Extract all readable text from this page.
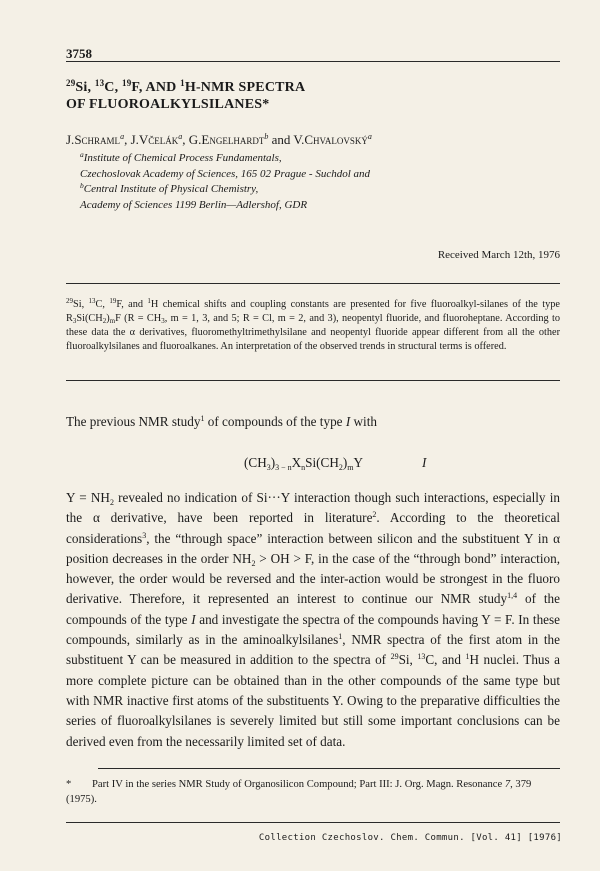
3758
$^{29}$Si, $^{13}$C, $^{19}$F, AND $^1$H-NMR SPECTRA
OF FLUOROALKYLSILANES*
J.Schraml$^a$, J.Včelák$^a$, G.Engelhardt$^b$ and V.Chvalovský$^a$
$^a$Institute of Chemical Process Fundamentals,
Czechoslovak Academy of Sciences, 165 02 Prague - Suchdol and
$^b$Central Institute of Physical Chemistry,
Academy of Sciences 1199 Berlin—Adlershof, GDR
Received March 12th, 1976
$^{29}$Si, $^{13}$C, $^{19}$F, and $^1$H chemical shifts and coupling constants are presented for five fluoroalkyl-silanes of the type $R_3Si(CH_2)_mF$ ($R = CH_3$, m = 1, 3, and 5; R = Cl, m = 2, and 3), neopentyl fluoride, and fluoroheptane. According to these data the α derivatives, fluoromethyltrimethylsilane and neopentyl fluoride appear different from all the other fluoroalkylsilanes and fluoroalkanes. An interpretation of the observed trends in structural terms is offered.
The previous NMR study$^1$ of compounds of the type I with
$(CH_3)_{3 - n}X_nSi(CH_2)_mY$	I
$Y = NH_2$ revealed no indication of Si···Y interaction though such interactions, especially in the α derivative, have been reported in literature$^2$. According to the theoretical considerations$^3$, the “through space” interaction between silicon and the substituent Y in α position decreases in the order $NH_2$ > OH > F, in the case of the “through bond” interaction, however, the order would be reversed and the inter-action would be strongest in the fluoro derivative. Therefore, it represented an interest to continue our NMR study$^{1,4}$ of the compounds of the type I and investigate the spectra of the compounds having Y = F. In these compounds, similarly as in the aminoalkylsilanes$^1$, NMR spectra of the first atom in the substituent Y can be measured in addition to the spectra of $^{29}$Si, $^{13}$C, and $^1$H nuclei. Thus a more complete picture can be obtained than in the other compounds of the same type but with NMR inactive first atoms of the substituents Y. Owing to the preparative difficulties the series of fluoroalkylsilanes is severely limited but still some important conclusions can be derived even from the necessarily limited set of data.
* Part IV in the series NMR Study of Organosilicon Compound; Part III: J. Org. Magn. Resonance 7, 379 (1975).
Collection Czechoslov. Chem. Commun. [Vol. 41] [1976]
